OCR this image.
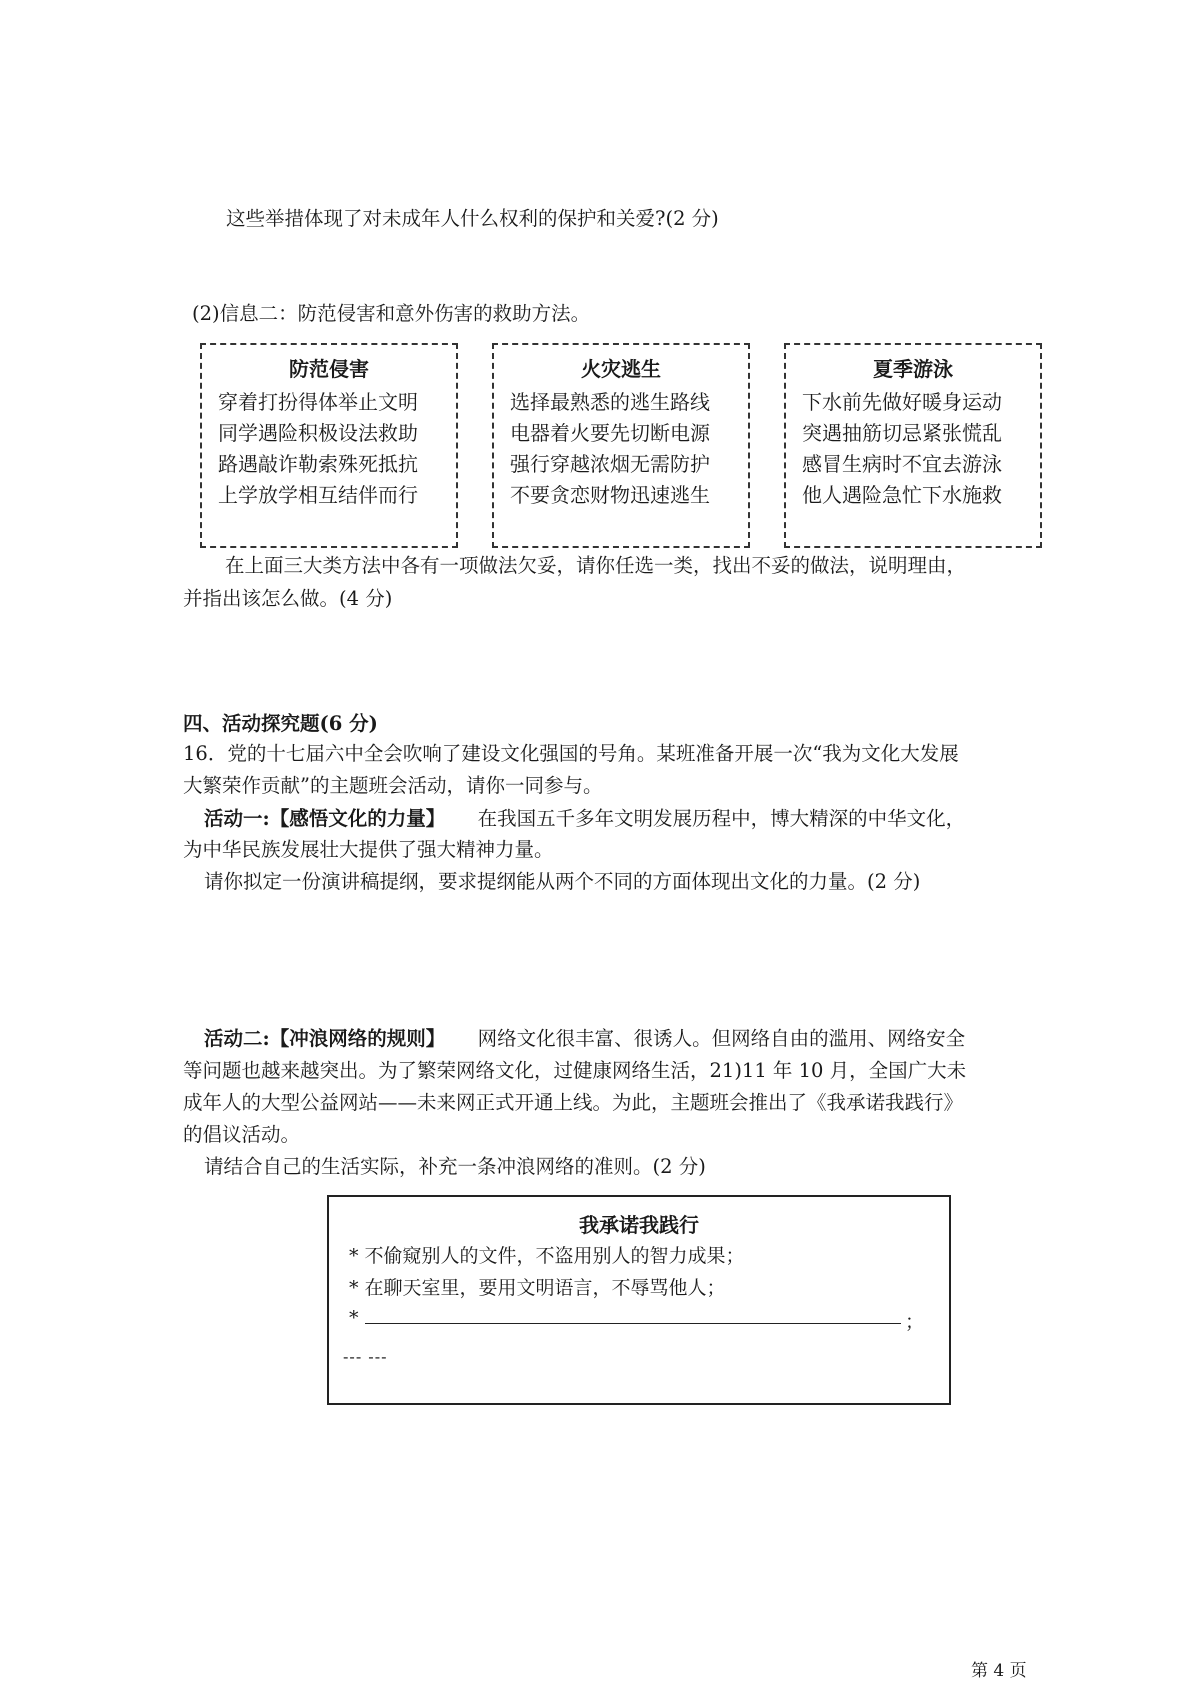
这些举措体现了对未成年人什么权利的保护和关爱?(2 分)
(2)信息二：防范侵害和意外伤害的救助方法。
防范侵害
穿着打扮得体举止文明
同学遇险积极设法救助
路遇敲诈勒索殊死抵抗
上学放学相互结伴而行
火灾逃生
选择最熟悉的逃生路线
电器着火要先切断电源
强行穿越浓烟无需防护
不要贪恋财物迅速逃生
夏季游泳
下水前先做好暖身运动
突遇抽筋切忌紧张慌乱
感冒生病时不宜去游泳
他人遇险急忙下水施救
在上面三大类方法中各有一项做法欠妥，请你任选一类，找出不妥的做法，说明理由，
并指出该怎么做。(4 分)
四、活动探究题(6 分)
16．党的十七届六中全会吹响了建设文化强国的号角。某班准备开展一次“我为文化大发展
大繁荣作贡献”的主题班会活动，请你一同参与。
活动一:【感悟文化的力量】 在我国五千多年文明发展历程中，博大精深的中华文化，
为中华民族发展壮大提供了强大精神力量。
请你拟定一份演讲稿提纲，要求提纲能从两个不同的方面体现出文化的力量。(2 分)
活动二:【冲浪网络的规则】 网络文化很丰富、很诱人。但网络自由的滥用、网络安全
等问题也越来越突出。为了繁荣网络文化，过健康网络生活，21)11 年 10 月，全国广大未
成年人的大型公益网站——未来网正式开通上线。为此，主题班会推出了《我承诺我践行》
的倡议活动。
请结合自己的生活实际，补充一条冲浪网络的准则。(2 分)
我承诺我践行
* 不偷窥别人的文件，不盗用别人的智力成果；
* 在聊天室里，要用文明语言，不辱骂他人；
*	；
--- ---
第 4 页
